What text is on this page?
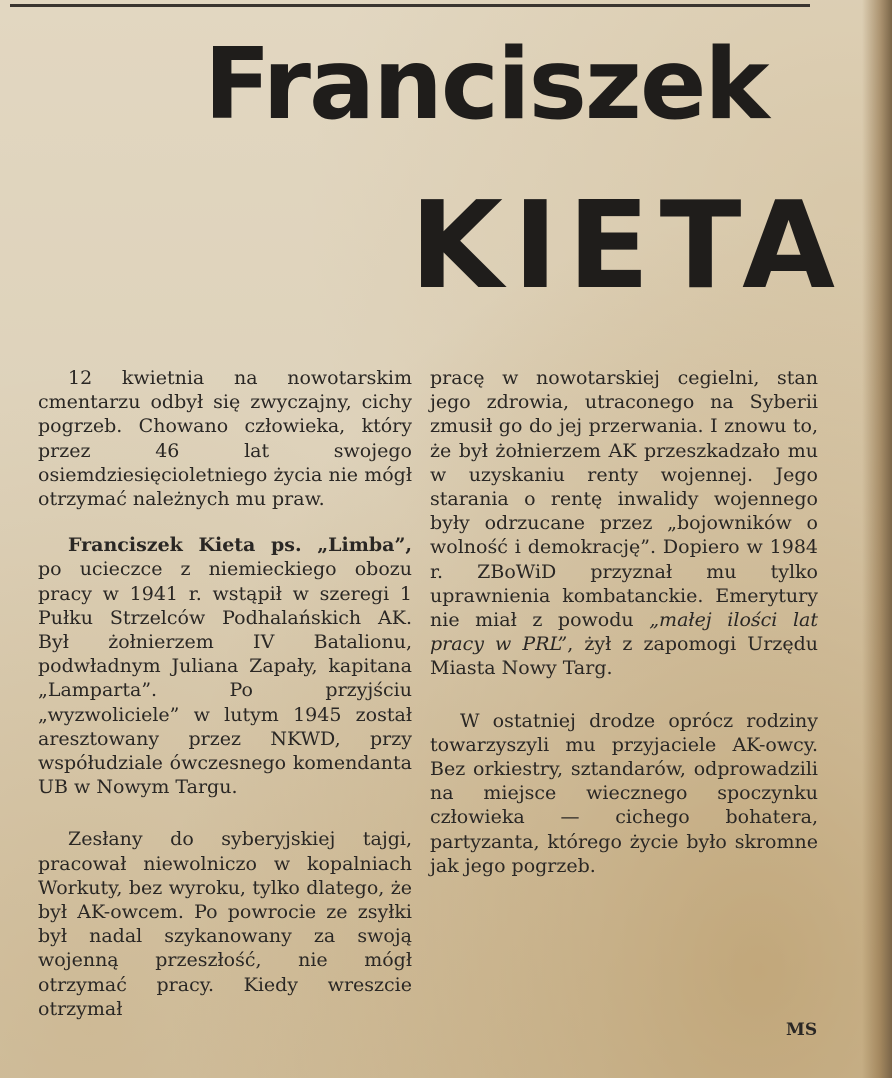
Franciszek
KIETA

12 kwietnia na nowotarskim cmentarzu odbył się zwyczajny, cichy pogrzeb. Chowano człowieka, który przez 46 lat swojego osiemdziesięcioletniego życia nie mógł otrzymać należnych mu praw.

Franciszek Kieta ps. „Limba”, po ucieczce z niemieckiego obozu pracy w 1941 r. wstąpił w szeregi 1 Pułku Strzelców Podhalańskich AK. Był żołnierzem IV Batalionu, podwładnym Juliana Zapały, kapitana „Lamparta”. Po przyjściu „wyzwoliciele” w lutym 1945 został aresztowany przez NKWD, przy współudziale ówczesnego komendanta UB w Nowym Targu.

Zesłany do syberyjskiej tajgi, pracował niewolniczo w kopalniach Workuty, bez wyroku, tylko dlatego, że był AK-owcem. Po powrocie ze zsyłki był nadal szykanowany za swoją wojenną przeszłość, nie mógł otrzymać pracy. Kiedy wreszcie otrzymał

pracę w nowotarskiej cegielni, stan jego zdrowia, utraconego na Syberii zmusił go do jej przerwania. I znowu to, że był żołnierzem AK przeszkadzało mu w uzyskaniu renty wojennej. Jego starania o rentę inwalidy wojennego były odrzucane przez „bojowników o wolność i demokrację”. Dopiero w 1984 r. ZBoWiD przyznał mu tylko uprawnienia kombatanckie. Emerytury nie miał z powodu „małej ilości lat pracy w PRL”, żył z zapomogi Urzędu Miasta Nowy Targ.

W ostatniej drodze oprócz rodziny towarzyszyli mu przyjaciele AK-owcy. Bez orkiestry, sztandarów, odprowadzili na miejsce wiecznego spoczynku człowieka — cichego bohatera, partyzanta, którego życie było skromne jak jego pogrzeb.

MS
